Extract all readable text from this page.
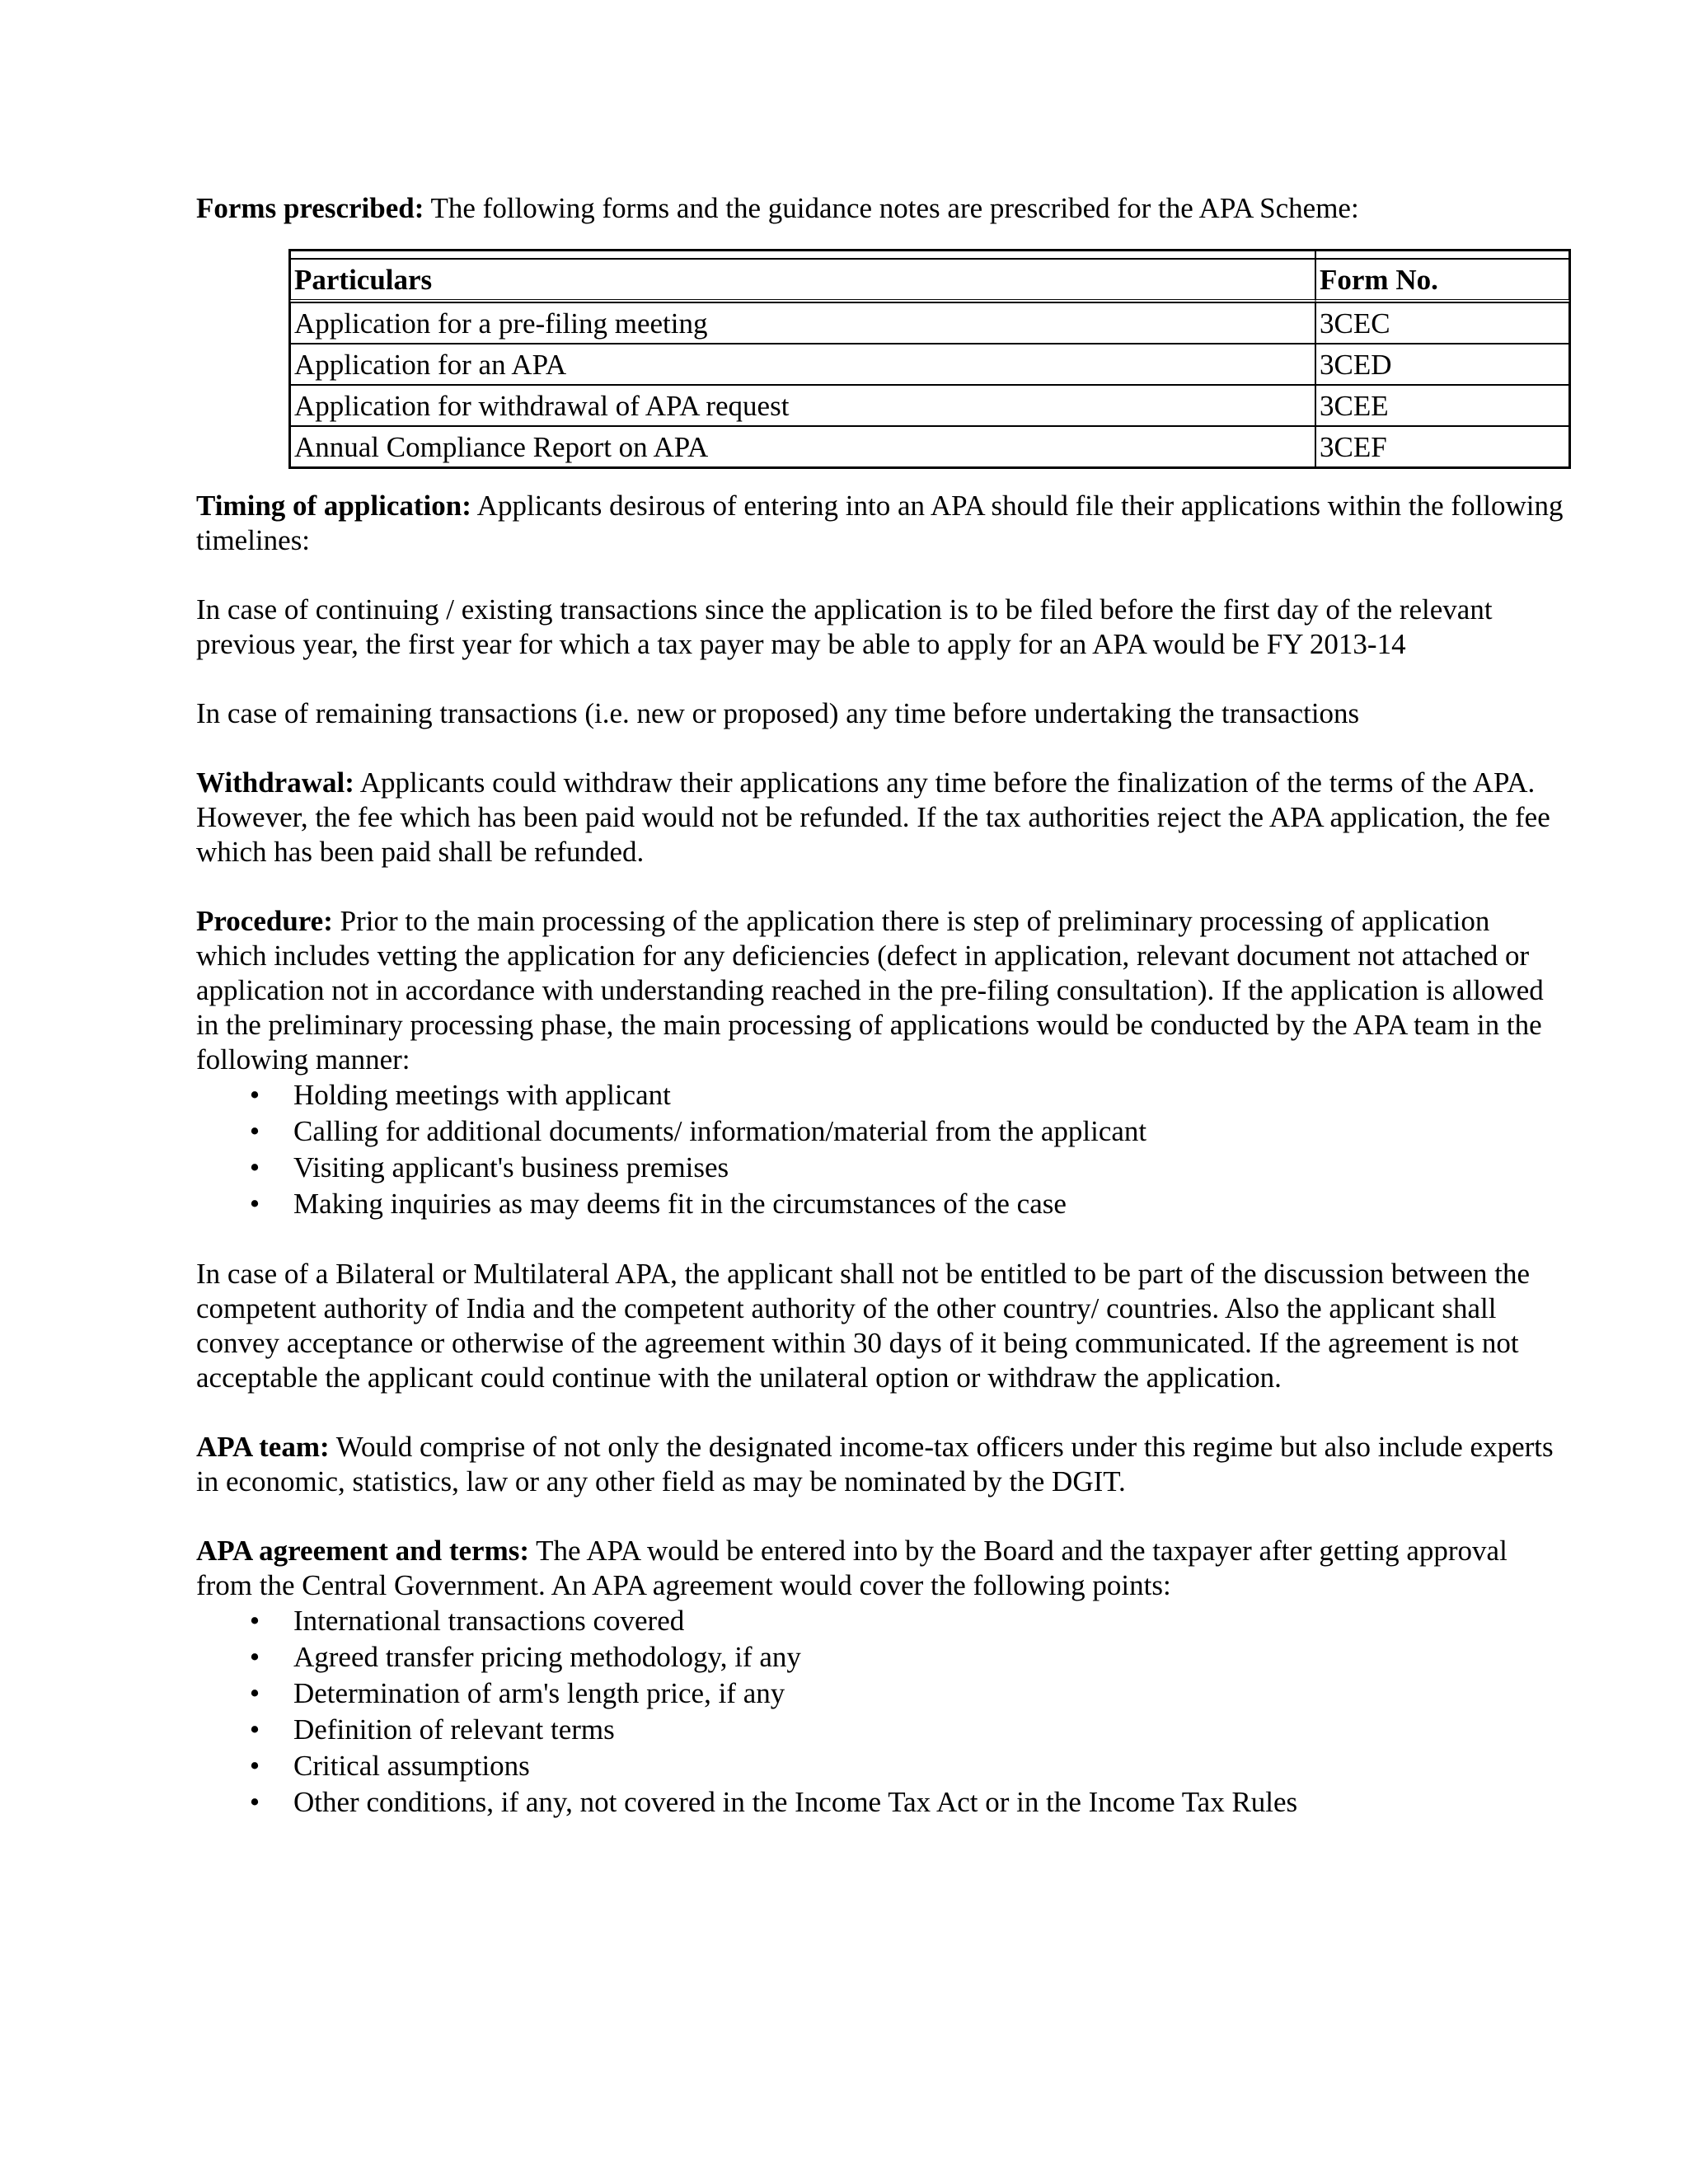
Forms prescribed: The following forms and the guidance notes are prescribed for the APA Scheme:

Particulars	Form No.
Application for a pre-filing meeting	3CEC
Application for an APA	3CED
Application for withdrawal of APA request	3CEE
Annual Compliance Report on APA	3CEF

Timing of application: Applicants desirous of entering into an APA should file their applications within the following timelines:

In case of continuing / existing transactions since the application is to be filed before the first day of the relevant previous year, the first year for which a tax payer may be able to apply for an APA would be FY 2013-14

In case of remaining transactions (i.e. new or proposed) any time before undertaking the transactions

Withdrawal: Applicants could withdraw their applications any time before the finalization of the terms of the APA. However, the fee which has been paid would not be refunded. If the tax authorities reject the APA application, the fee which has been paid shall be refunded.

Procedure: Prior to the main processing of the application there is step of preliminary processing of application which includes vetting the application for any deficiencies (defect in application, relevant document not attached or application not in accordance with understanding reached in the pre-filing consultation). If the application is allowed in the preliminary processing phase, the main processing of applications would be conducted by the APA team in the following manner:

• Holding meetings with applicant
• Calling for additional documents/ information/material from the applicant
• Visiting applicant's business premises
• Making inquiries as may deems fit in the circumstances of the case

In case of a Bilateral or Multilateral APA, the applicant shall not be entitled to be part of the discussion between the competent authority of India and the competent authority of the other country/ countries. Also the applicant shall convey acceptance or otherwise of the agreement within 30 days of it being communicated. If the agreement is not acceptable the applicant could continue with the unilateral option or withdraw the application.

APA team: Would comprise of not only the designated income-tax officers under this regime but also include experts in economic, statistics, law or any other field as may be nominated by the DGIT.

APA agreement and terms: The APA would be entered into by the Board and the taxpayer after getting approval from the Central Government. An APA agreement would cover the following points:

• International transactions covered
• Agreed transfer pricing methodology, if any
• Determination of arm's length price, if any
• Definition of relevant terms
• Critical assumptions
• Other conditions, if any, not covered in the Income Tax Act or in the Income Tax Rules
